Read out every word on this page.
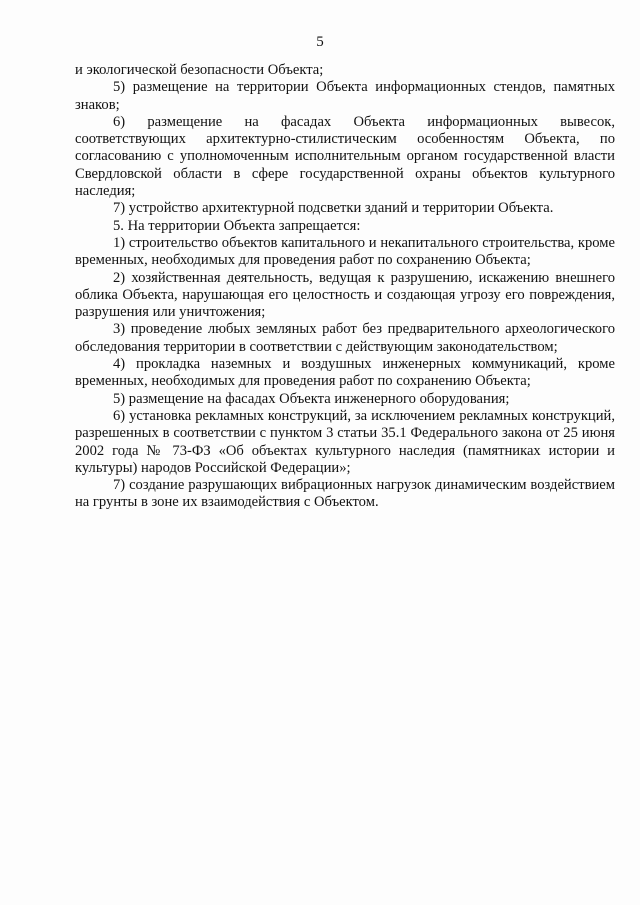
5

и экологической безопасности Объекта;

5) размещение на территории Объекта информационных стендов, памятных знаков;

6) размещение на фасадах Объекта информационных вывесок, соответствующих архитектурно-стилистическим особенностям Объекта, по согласованию с уполномоченным исполнительным органом государственной власти Свердловской области в сфере государственной охраны объектов культурного наследия;

7) устройство архитектурной подсветки зданий и территории Объекта.

5. На территории Объекта запрещается:

1) строительство объектов капитального и некапитального строительства, кроме временных, необходимых для проведения работ по сохранению Объекта;

2) хозяйственная деятельность, ведущая к разрушению, искажению внешнего облика Объекта, нарушающая его целостность и создающая угрозу его повреждения, разрушения или уничтожения;

3) проведение любых земляных работ без предварительного археологического обследования территории в соответствии с действующим законодательством;

4) прокладка наземных и воздушных инженерных коммуникаций, кроме временных, необходимых для проведения работ по сохранению Объекта;

5) размещение на фасадах Объекта инженерного оборудования;

6) установка рекламных конструкций, за исключением рекламных конструкций, разрешенных в соответствии с пунктом 3 статьи 35.1 Федерального закона от 25 июня 2002 года № 73-ФЗ «Об объектах культурного наследия (памятниках истории и культуры) народов Российской Федерации»;

7) создание разрушающих вибрационных нагрузок динамическим воздействием на грунты в зоне их взаимодействия с Объектом.
